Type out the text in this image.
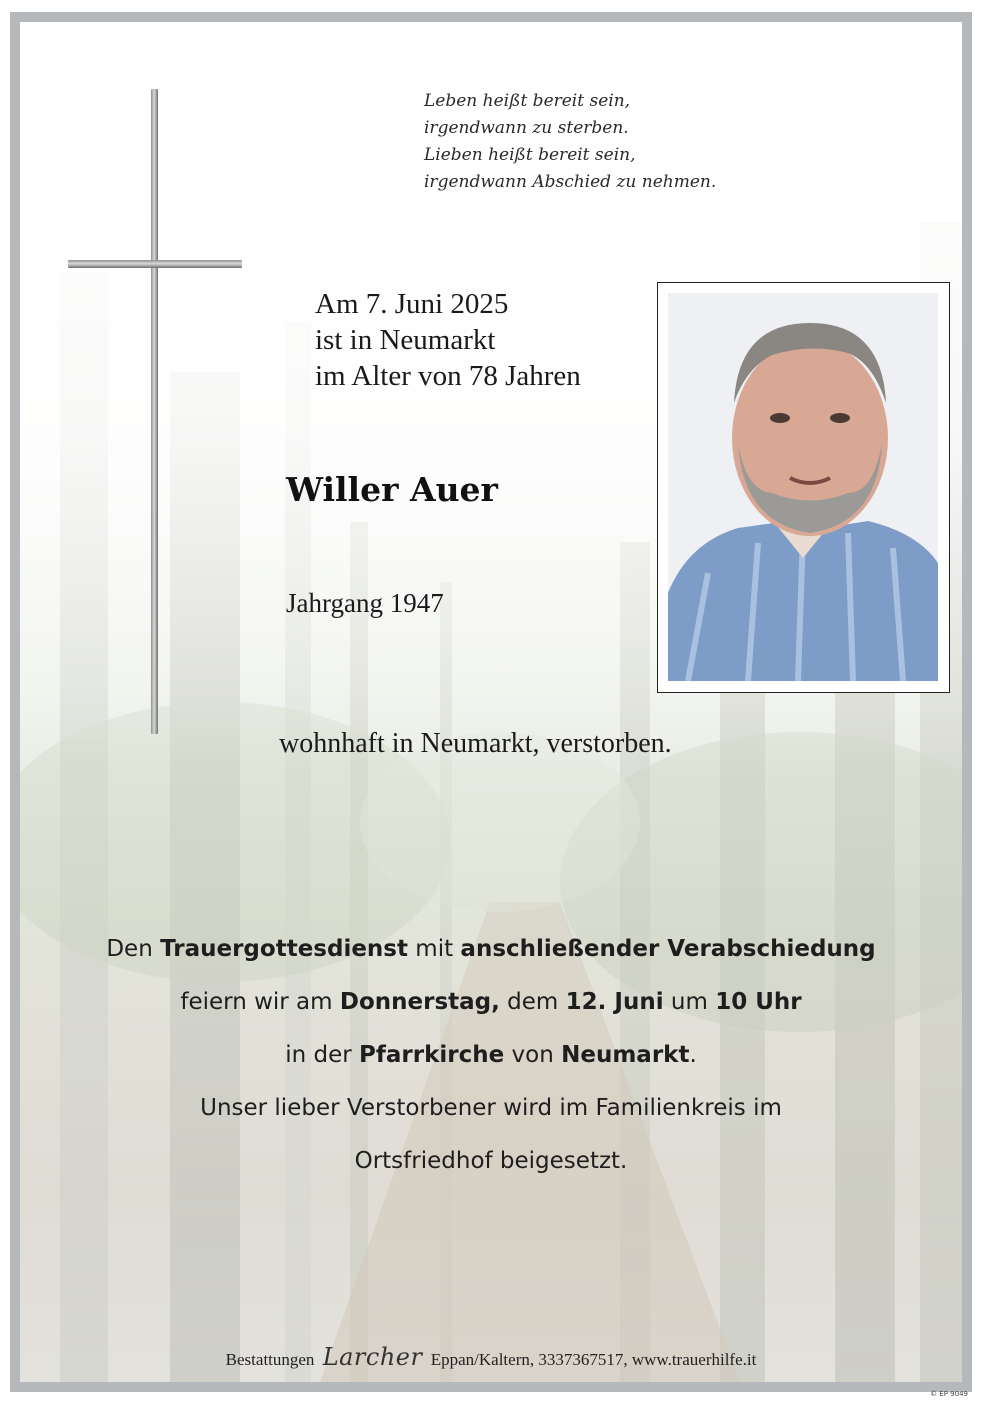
Leben heißt bereit sein,
irgendwann zu sterben.
Lieben heißt bereit sein,
irgendwann Abschied zu nehmen.
Am 7. Juni 2025
ist in Neumarkt
im Alter von 78 Jahren
Willer Auer
Jahrgang 1947
wohnhaft in Neumarkt, verstorben.
Den Trauergottesdienst mit anschließender Verabschiedung
feiern wir am Donnerstag, dem 12. Juni um 10 Uhr
in der Pfarrkirche von Neumarkt.
Unser lieber Verstorbener wird im Familienkreis im
Ortsfriedhof beigesetzt.
Bestattungen Larcher Eppan/Kaltern, 3337367517, www.trauerhilfe.it
© EP 9049
